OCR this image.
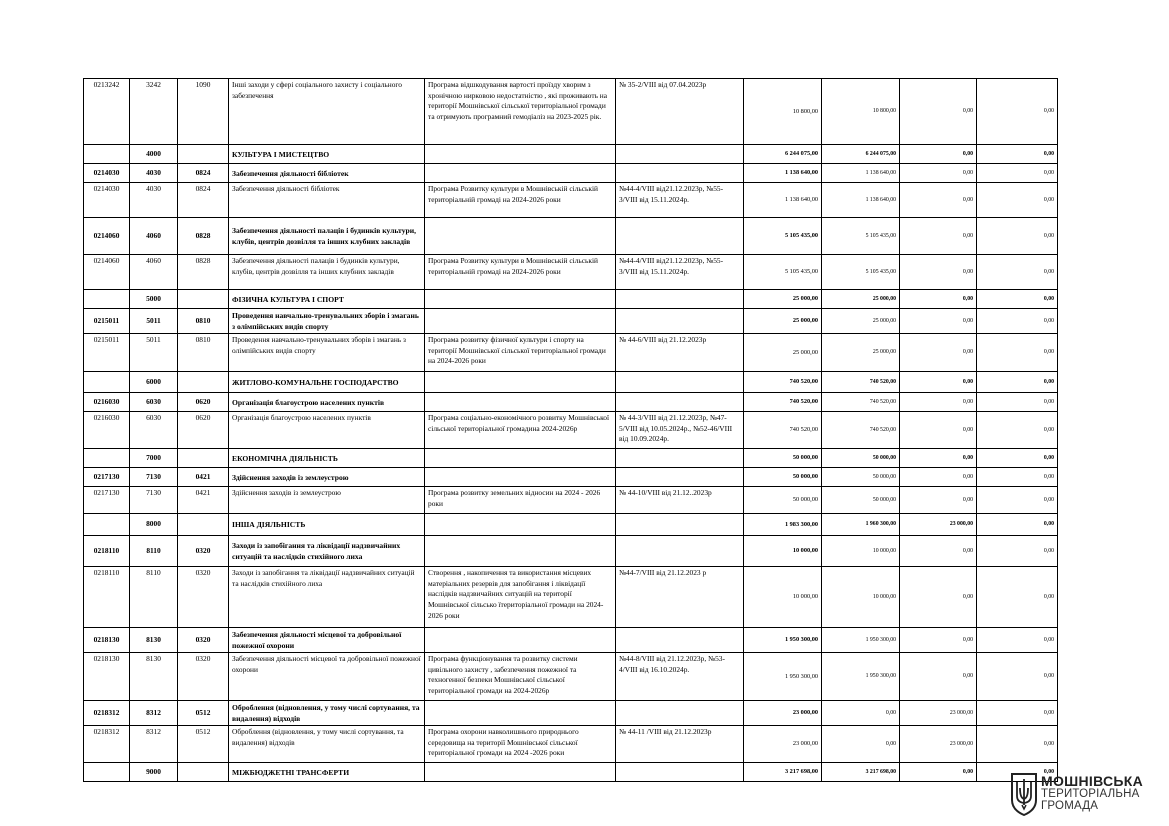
0213242	3242	1090	Інші заходи у сфері соціального захисту і соціального забезпечення	Програма відшкодування вартості проїзду хворим з хронічною нирковою недостатністю , які проживають на території Мошнівської сільської територіальної громади та отримують програмний гемодіаліз на 2023-2025 рік.	№ 35-2/VIII від 07.04.2023р	10 800,00	10 800,00	0,00	0,00
	4000		КУЛЬТУРА І МИСТЕЦТВО			6 244 075,00	6 244 075,00	0,00	0,00
0214030	4030	0824	Забезпечення діяльності бібліотек			1 138 640,00	1 138 640,00	0,00	0,00
0214030	4030	0824	Забезпечення діяльності бібліотек	Програма Розвитку культури в Мошнівській сільській територіальній громаді на 2024-2026 роки	№44-4/VIII від21.12.2023р, №55-3/VIII від 15.11.2024р.	1 138 640,00	1 138 640,00	0,00	0,00
0214060	4060	0828	Забезпечення діяльності палаців і будинків культури, клубів, центрів дозвілля та інших клубних закладів			5 105 435,00	5 105 435,00	0,00	0,00
0214060	4060	0828	Забезпечення діяльності палаців і будинків культури, клубів, центрів дозвілля та інших клубних закладів	Програма Розвитку культури в Мошнівській сільській територіальній громаді на 2024-2026 роки	№44-4/VIII від21.12.2023р, №55-3/VIII від 15.11.2024р.	5 105 435,00	5 105 435,00	0,00	0,00
	5000		ФІЗИЧНА КУЛЬТУРА І СПОРТ			25 000,00	25 000,00	0,00	0,00
0215011	5011	0810	Проведення навчально-тренувальних зборів і змагань з олімпійських видів спорту			25 000,00	25 000,00	0,00	0,00
0215011	5011	0810	Проведення навчально-тренувальних зборів і змагань з олімпійських видів спорту	Програма розвитку фізичної культури і спорту на території Мошнівської сільської територіальної громади на 2024-2026 роки	№ 44-6/VIII від 21.12.2023р	25 000,00	25 000,00	0,00	0,00
	6000		ЖИТЛОВО-КОМУНАЛЬНЕ ГОСПОДАРСТВО			740 520,00	740 520,00	0,00	0,00
0216030	6030	0620	Організація благоустрою населених пунктів			740 520,00	740 520,00	0,00	0,00
0216030	6030	0620	Організація благоустрою населених пунктів	Програма соціально-економічного розвитку Мошнівської сільської територіальної громадина 2024-2026р	№ 44-3/VIII від 21.12.2023р, №47-5/VIII від 10.05.2024р., №52-46/VIII від 10.09.2024р.	740 520,00	740 520,00	0,00	0,00
	7000		ЕКОНОМІЧНА ДІЯЛЬНІСТЬ			50 000,00	50 000,00	0,00	0,00
0217130	7130	0421	Здійснення заходів із землеустрою			50 000,00	50 000,00	0,00	0,00
0217130	7130	0421	Здійснення заходів із землеустрою	Програма розвитку земельних відносин на 2024 - 2026 роки	№ 44-10/VIII від 21.12..2023р	50 000,00	50 000,00	0,00	0,00
	8000		ІНША ДІЯЛЬНІСТЬ			1 983 300,00	1 960 300,00	23 000,00	0,00
0218110	8110	0320	Заходи із запобігання та ліквідації надзвичайних ситуацій та наслідків стихійного лиха			10 000,00	10 000,00	0,00	0,00
0218110	8110	0320	Заходи із запобігання та ліквідації надзвичайних ситуацій та наслідків стихійного лиха	Створення , накопичення та використання місцевих матеріальних резервів для запобігання і ліквідації наслідків надзвичайних ситуацій на території Мошнівської сільсько їтериторіальної громади на 2024-2026 роки	№44-7/VIII від 21.12.2023 р	10 000,00	10 000,00	0,00	0,00
0218130	8130	0320	Забезпечення діяльності місцевої та добровільної пожежної охорони			1 950 300,00	1 950 300,00	0,00	0,00
0218130	8130	0320	Забезпечення діяльності місцевої та добровільної пожежної охорони	Програма функціонування та розвитку системи цивільного захисту , забезпечення пожежної та техногенної безпеки Мошнівської сільської територіальної громади на 2024-2026р	№44-8/VIII від 21.12.2023р, №53-4/VIII від 16.10.2024р.	1 950 300,00	1 950 300,00	0,00	0,00
0218312	8312	0512	Оброблення (відновлення, у тому числі сортування, та видалення) відходів			23 000,00	0,00	23 000,00	0,00
0218312	8312	0512	Оброблення (відновлення, у тому числі сортування, та видалення) відходів	Програма охорони навколишнього природнього середовища на території Мошнівської сільської територіальної громади на 2024 -2026 роки	№ 44-11 /VIII від 21.12.2023р	23 000,00	0,00	23 000,00	0,00
	9000		МІЖБЮДЖЕТНІ ТРАНСФЕРТИ			3 217 698,00	3 217 698,00	0,00	0,00
МОШНІВСЬКА
ТЕРИТОРІАЛЬНА
ГРОМАДА
